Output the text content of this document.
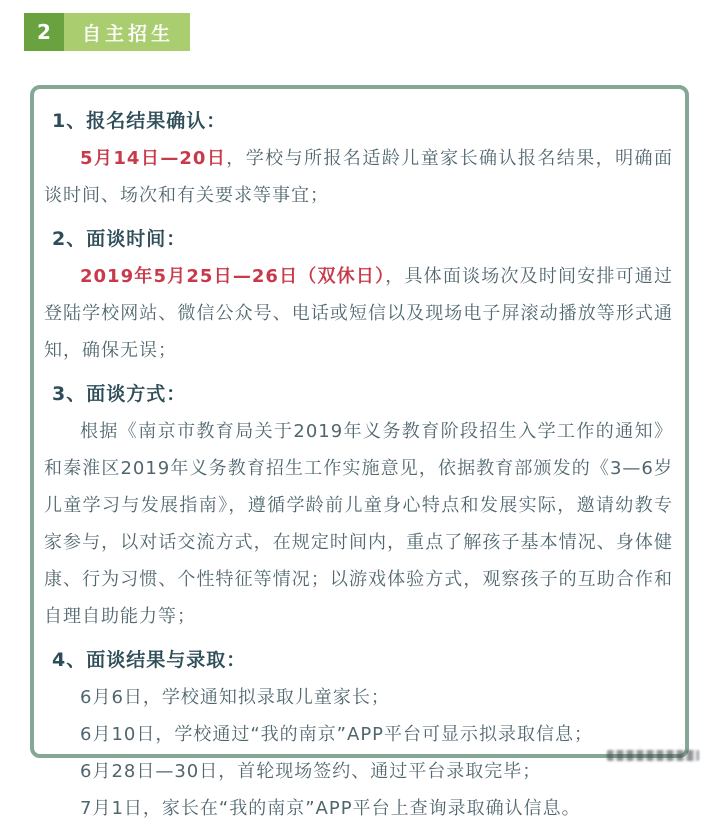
2	自主招生
1、报名结果确认：

5月14日—20日，学校与所报名适龄儿童家长确认报名结果，明确面谈时间、场次和有关要求等事宜；

2、面谈时间：

2019年5月25日—26日（双休日），具体面谈场次及时间安排可通过登陆学校网站、微信公众号、电话或短信以及现场电子屏滚动播放等形式通知，确保无误；

3、面谈方式：

根据《南京市教育局关于2019年义务教育阶段招生入学工作的通知》和秦淮区2019年义务教育招生工作实施意见，依据教育部颁发的《3—6岁儿童学习与发展指南》，遵循学龄前儿童身心特点和发展实际，邀请幼教专家参与，以对话交流方式，在规定时间内，重点了解孩子基本情况、身体健康、行为习惯、个性特征等情况；以游戏体验方式，观察孩子的互助合作和自理自助能力等；

4、面谈结果与录取：

6月6日，学校通知拟录取儿童家长；

6月10日，学校通过“我的南京”APP平台可显示拟录取信息；

6月28日—30日，首轮现场签约、通过平台录取完毕；

7月1日，家长在“我的南京”APP平台上查询录取确认信息。
